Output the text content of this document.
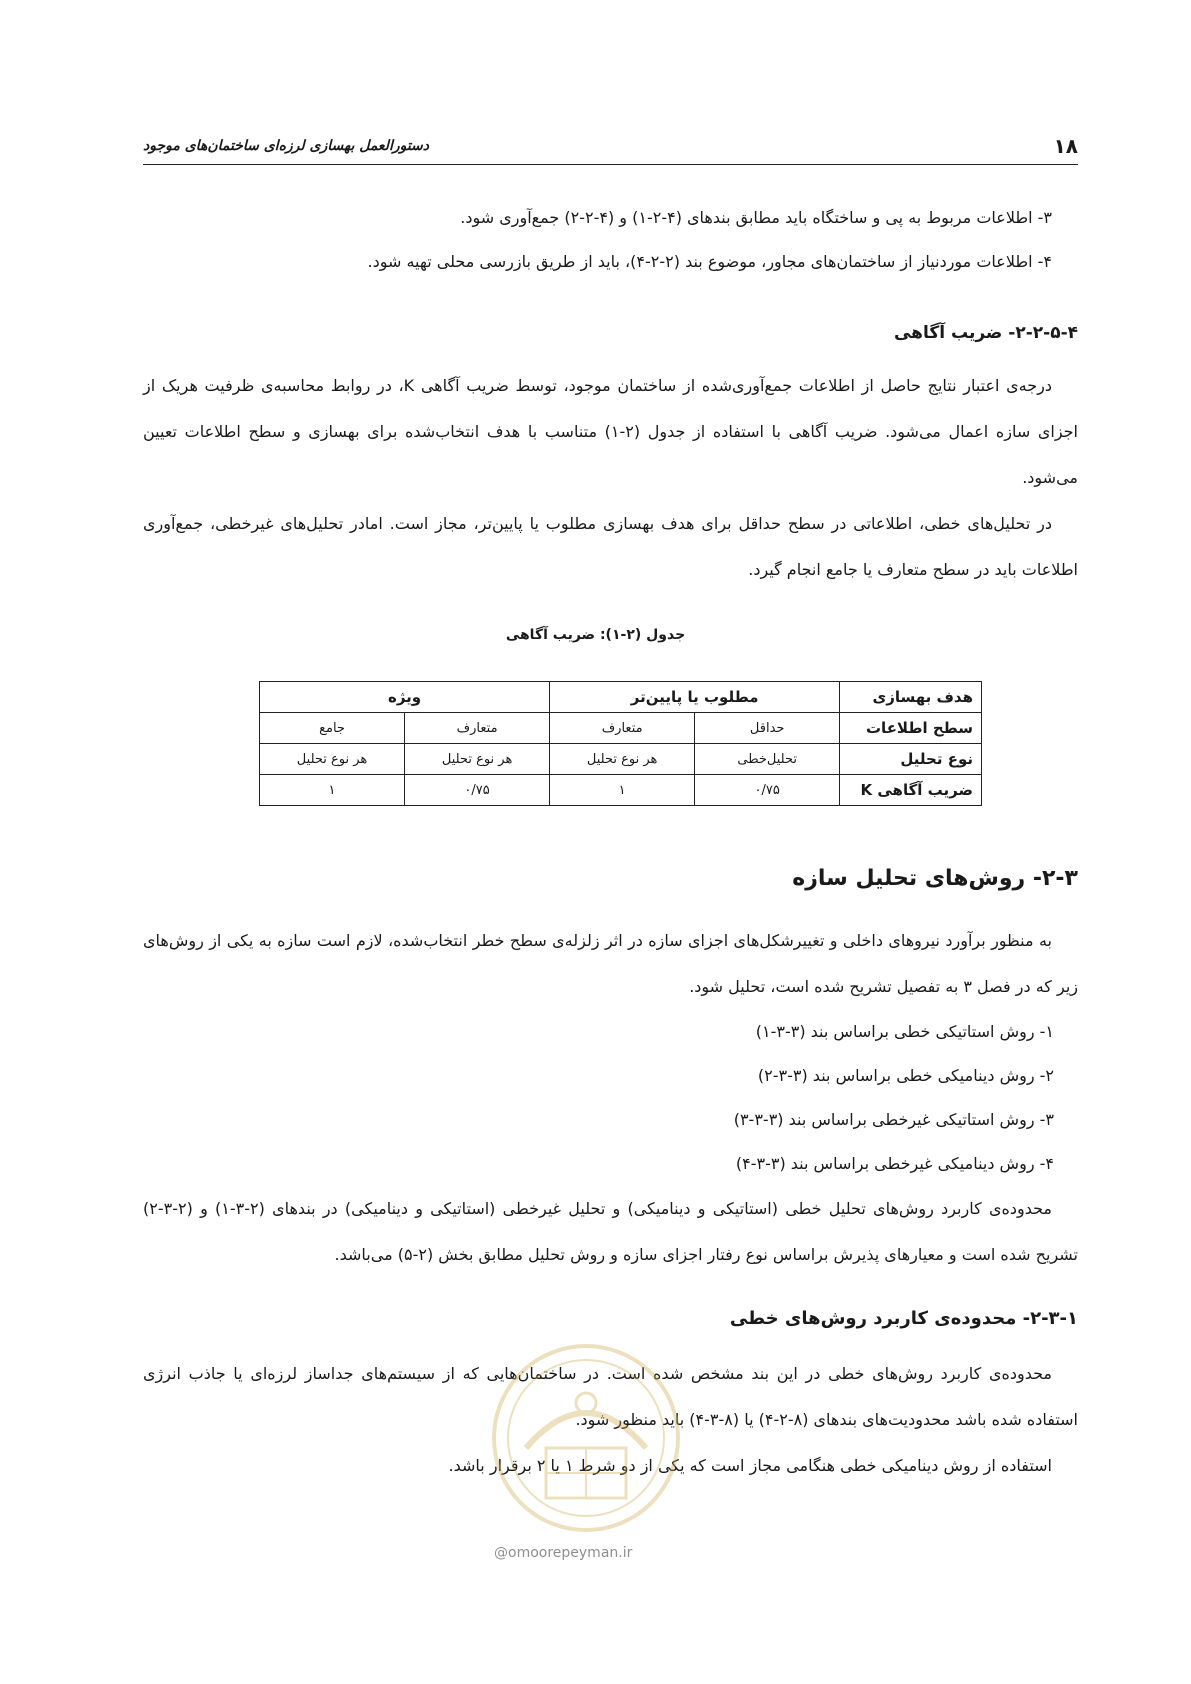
۱۸
دستورالعمل بهسازی لرزه‌ای ساختمان‌های موجود

۳- اطلاعات مربوط به پی و ساختگاه باید مطابق بندهای (۴-۲-۱) و (۴-۲-۲) جمع‌آوری شود.

۴- اطلاعات موردنیاز از ساختمان‌های مجاور، موضوع بند (۲-۲-۴)، باید از طریق بازرسی محلی تهیه شود.

۲-۲-۵-۴- ضریب آگاهی

درجه‌ی اعتبار نتایج حاصل از اطلاعات جمع‌آوری‌شده از ساختمان موجود، توسط ضریب آگاهی K، در روابط محاسبه‌ی ظرفیت هریک از اجزای سازه اعمال می‌شود. ضریب آگاهی با استفاده از جدول (۲-۱) متناسب با هدف انتخاب‌شده برای بهسازی و سطح اطلاعات تعیین می‌شود.

در تحلیل‌های خطی، اطلاعاتی در سطح حداقل برای هدف بهسازی مطلوب یا پایین‌تر، مجاز است. امادر تحلیل‌های غیرخطی، جمع‌آوری اطلاعات باید در سطح متعارف یا جامع انجام گیرد.

جدول (۲-۱): ضریب آگاهی
هدف بهسازی	مطلوب یا پایین‌تر		ویژه	
سطح اطلاعات	حداقل	متعارف	متعارف	جامع
نوع تحلیل	تحلیل‌خطی	هر نوع تحلیل	هر نوع تحلیل	هر نوع تحلیل
ضریب آگاهی K	۰/۷۵	۱	۰/۷۵	۱
۲-۳- روش‌های تحلیل سازه

به منظور برآورد نیروهای داخلی و تغییرشکل‌های اجزای سازه در اثر زلزله‌ی سطح خطر انتخاب‌شده، لازم است سازه به یکی از روش‌های زیر که در فصل ۳ به تفصیل تشریح شده است، تحلیل شود.

۱- روش استاتیکی خطی براساس بند (۳-۳-۱)
۲- روش دینامیکی خطی براساس بند (۳-۳-۲)
۳- روش استاتیکی غیرخطی براساس بند (۳-۳-۳)
۴- روش دینامیکی غیرخطی براساس بند (۳-۳-۴)

محدوده‌ی کاربرد روش‌های تحلیل خطی (استاتیکی و دینامیکی) و تحلیل غیرخطی (استاتیکی و دینامیکی) در بندهای (۲-۳-۱) و (۲-۳-۲) تشریح شده است و معیارهای پذیرش براساس نوع رفتار اجزای سازه و روش تحلیل مطابق بخش (۲-۵) می‌باشد.

۲-۳-۱- محدوده‌ی کاربرد روش‌های خطی

محدوده‌ی کاربرد روش‌های خطی در این بند مشخص شده است. در ساختمان‌هایی که از سیستم‌های جداساز لرزه‌ای یا جاذب انرژی استفاده شده باشد محدودیت‌های بندهای (۸-۲-۴) یا (۸-۳-۴) باید منظور شود.

استفاده از روش دینامیکی خطی هنگامی مجاز است که یکی از دو شرط ۱ یا ۲ برقرار باشد.

@omoorepeyman.ir
